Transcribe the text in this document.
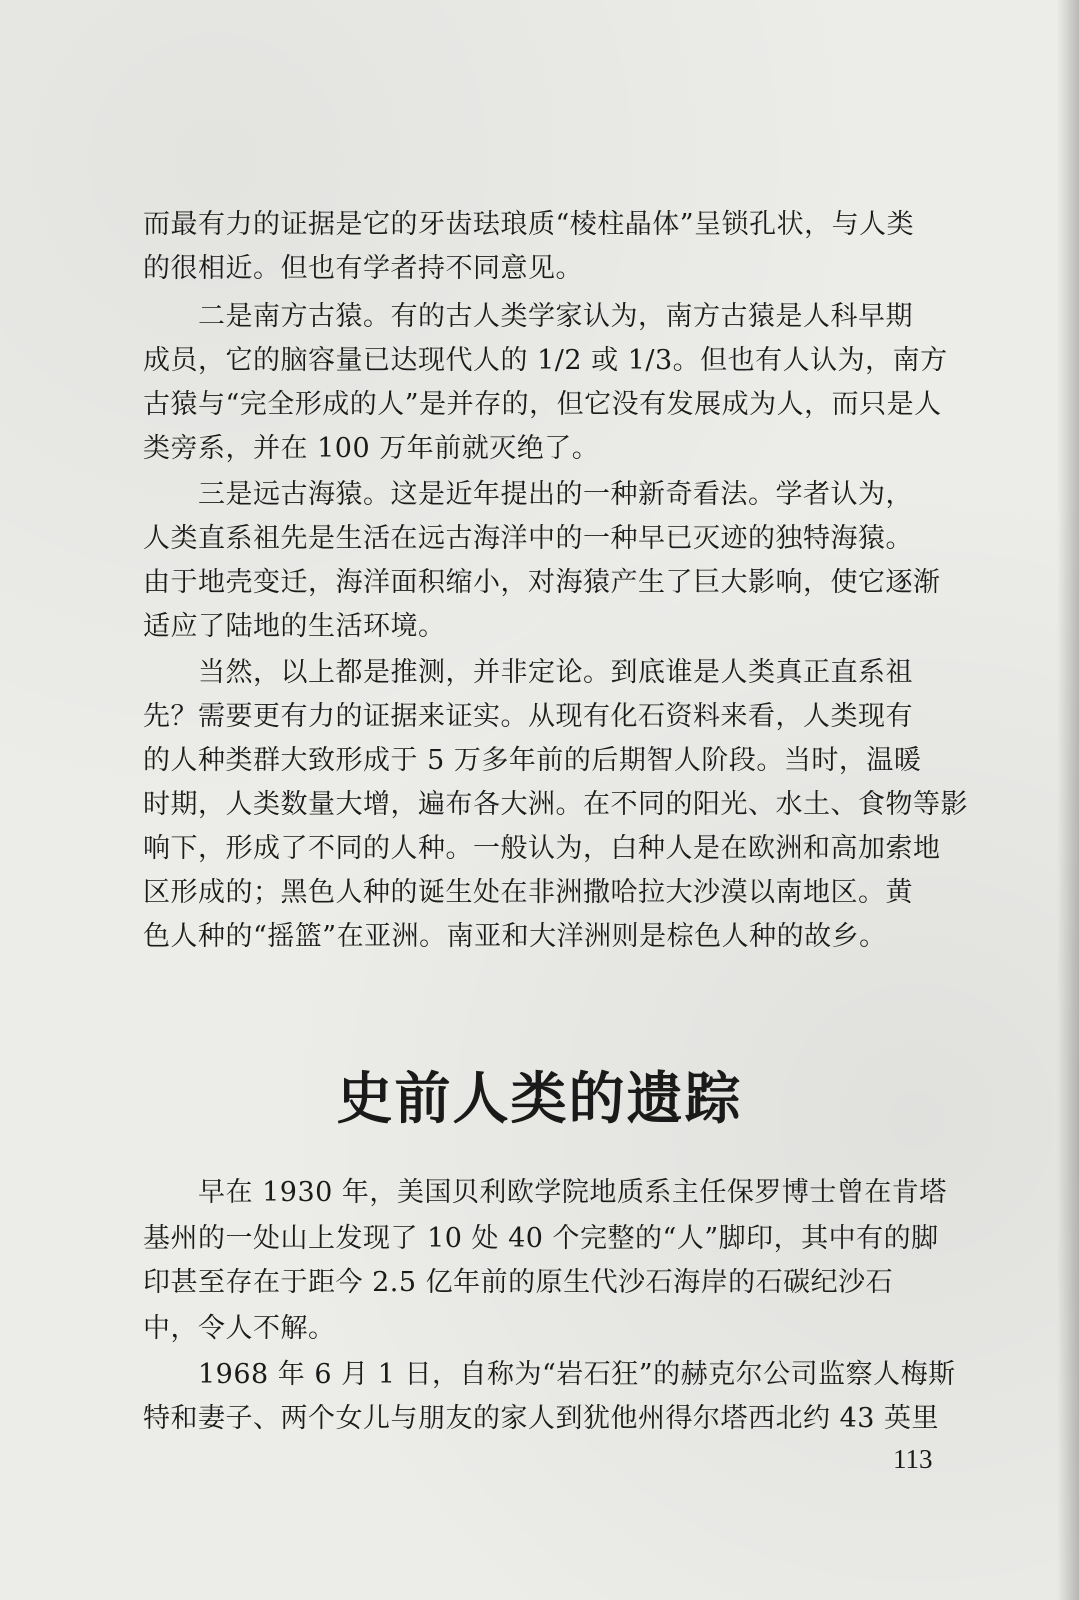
而最有力的证据是它的牙齿珐琅质“棱柱晶体”呈锁孔状，与人类
的很相近。但也有学者持不同意见。
　　二是南方古猿。有的古人类学家认为，南方古猿是人科早期
成员，它的脑容量已达现代人的 1/2 或 1/3。但也有人认为，南方
古猿与“完全形成的人”是并存的，但它没有发展成为人，而只是人
类旁系，并在 100 万年前就灭绝了。
　　三是远古海猿。这是近年提出的一种新奇看法。学者认为，
人类直系祖先是生活在远古海洋中的一种早已灭迹的独特海猿。
由于地壳变迁，海洋面积缩小，对海猿产生了巨大影响，使它逐渐
适应了陆地的生活环境。
　　当然，以上都是推测，并非定论。到底谁是人类真正直系祖
先？需要更有力的证据来证实。从现有化石资料来看，人类现有
的人种类群大致形成于 5 万多年前的后期智人阶段。当时，温暖
时期，人类数量大增，遍布各大洲。在不同的阳光、水土、食物等影
响下，形成了不同的人种。一般认为，白种人是在欧洲和高加索地
区形成的；黑色人种的诞生处在非洲撒哈拉大沙漠以南地区。黄
色人种的“摇篮”在亚洲。南亚和大洋洲则是棕色人种的故乡。
史前人类的遗踪
　　早在 1930 年，美国贝利欧学院地质系主任保罗博士曾在肯塔
基州的一处山上发现了 10 处 40 个完整的“人”脚印，其中有的脚
印甚至存在于距今 2.5 亿年前的原生代沙石海岸的石碳纪沙石
中，令人不解。
　　1968 年 6 月 1 日，自称为“岩石狂”的赫克尔公司监察人梅斯
特和妻子、两个女儿与朋友的家人到犹他州得尔塔西北约 43 英里
113
